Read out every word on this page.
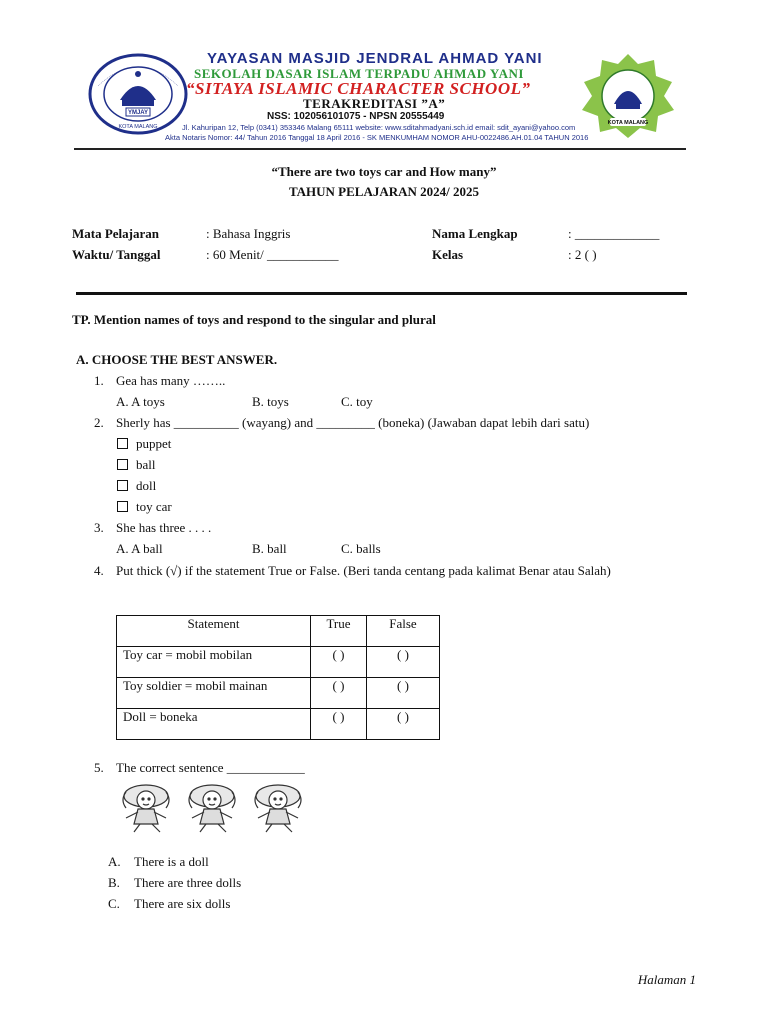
YMJAY
KOTA MALANG
KOTA MALANG
YAYASAN MASJID JENDRAL AHMAD YANI
SEKOLAH DASAR ISLAM TERPADU AHMAD YANI
“SITAYA ISLAMIC CHARACTER SCHOOL”
TERAKREDITASI ”A”
NSS: 102056101075 - NPSN 20555449
Jl. Kahuripan 12, Telp (0341) 353346 Malang 65111 website: www.sditahmadyani.sch.id email: sdit_ayani@yahoo.com
Akta Notaris Nomor: 44/ Tahun 2016 Tanggal 18 April 2016 - SK MENKUMHAM NOMOR AHU-0022486.AH.01.04 TAHUN 2016
“There are two toys car and How many”
TAHUN PELAJARAN 2024/ 2025
Mata Pelajaran	: Bahasa Inggris
Waktu/ Tanggal	: 60 Menit/ ___________
Nama Lengkap	: _____________
Kelas	: 2 ( )
TP. Mention names of toys and respond to the singular and plural
A. CHOOSE THE BEST ANSWER.
1. Gea has many ……..
A. A toys	B. toys	C. toy
2. Sherly has __________ (wayang) and _________ (boneka) (Jawaban dapat lebih dari satu)
puppet
ball
doll
toy car
3. She has three . . . .
A. A ball	B. ball	C. balls
4. Put thick (√) if the statement True or False. (Beri tanda centang pada kalimat Benar atau Salah)
Statement	True	False
Toy car = mobil mobilan	( )	( )
Toy soldier = mobil mainan	( )	( )
Doll = boneka	( )	( )
5. The correct sentence ____________
A. There is a doll
B. There are three dolls
C. There are six dolls
Halaman 1
